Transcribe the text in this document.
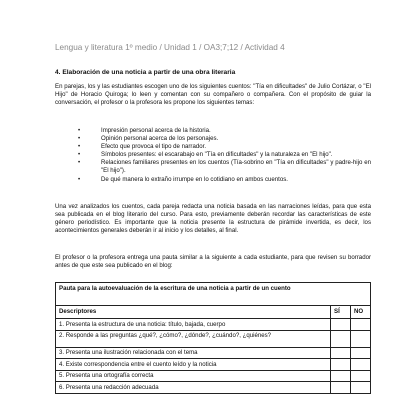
Lengua y literatura 1º medio / Unidad 1 / OA3;7;12 / Actividad 4
4. Elaboración de una noticia a partir de una obra literaria
En parejas, los y las estudiantes escogen uno de los siguientes cuentos: "Tía en dificultades" de Julio Cortázar, o "El Hijo" de Horacio Quiroga; lo leen y comentan con su compañero o compañera. Con el propósito de guiar la conversación, el profesor o la profesora les propone los siguientes temas:
•	Impresión personal acerca de la historia.
•	Opinión personal acerca de los personajes.
•	Efecto que provoca el tipo de narrador.
•	Símbolos presentes: el escarabajo en "Tía en dificultades" y la naturaleza en "El hijo".
•	Relaciones familiares presentes en los cuentos (Tía-sobrino en "Tía en dificultades" y padre-hijo en "El hijo").
•	De qué manera lo extraño irrumpe en lo cotidiano en ambos cuentos.
Una vez analizados los cuentos, cada pareja redacta una noticia basada en las narraciones leídas, para que esta sea publicada en el blog literario del curso. Para esto, previamente deberán recordar las características de este género periodístico. Es importante que la noticia presente la estructura de pirámide invertida, es decir, los acontecimientos generales deberán ir al inicio y los detalles, al final.
El profesor o la profesora entrega una pauta similar a la siguiente a cada estudiante, para que revisen su borrador antes de que este sea publicado en el blog:
Pauta para la autoevaluación de la escritura de una noticia a partir de un cuento		
Descriptores	SÍ	NO
1. Presenta la estructura de una noticia: título, bajada, cuerpo		
2. Responde a las preguntas ¿qué?, ¿cómo?, ¿dónde?, ¿cuándo?, ¿quiénes?		
3. Presenta una ilustración relacionada con el tema		
4. Existe correspondencia entre el cuento leído y la noticia		
5. Presenta una ortografía correcta		
6. Presenta una redacción adecuada		
